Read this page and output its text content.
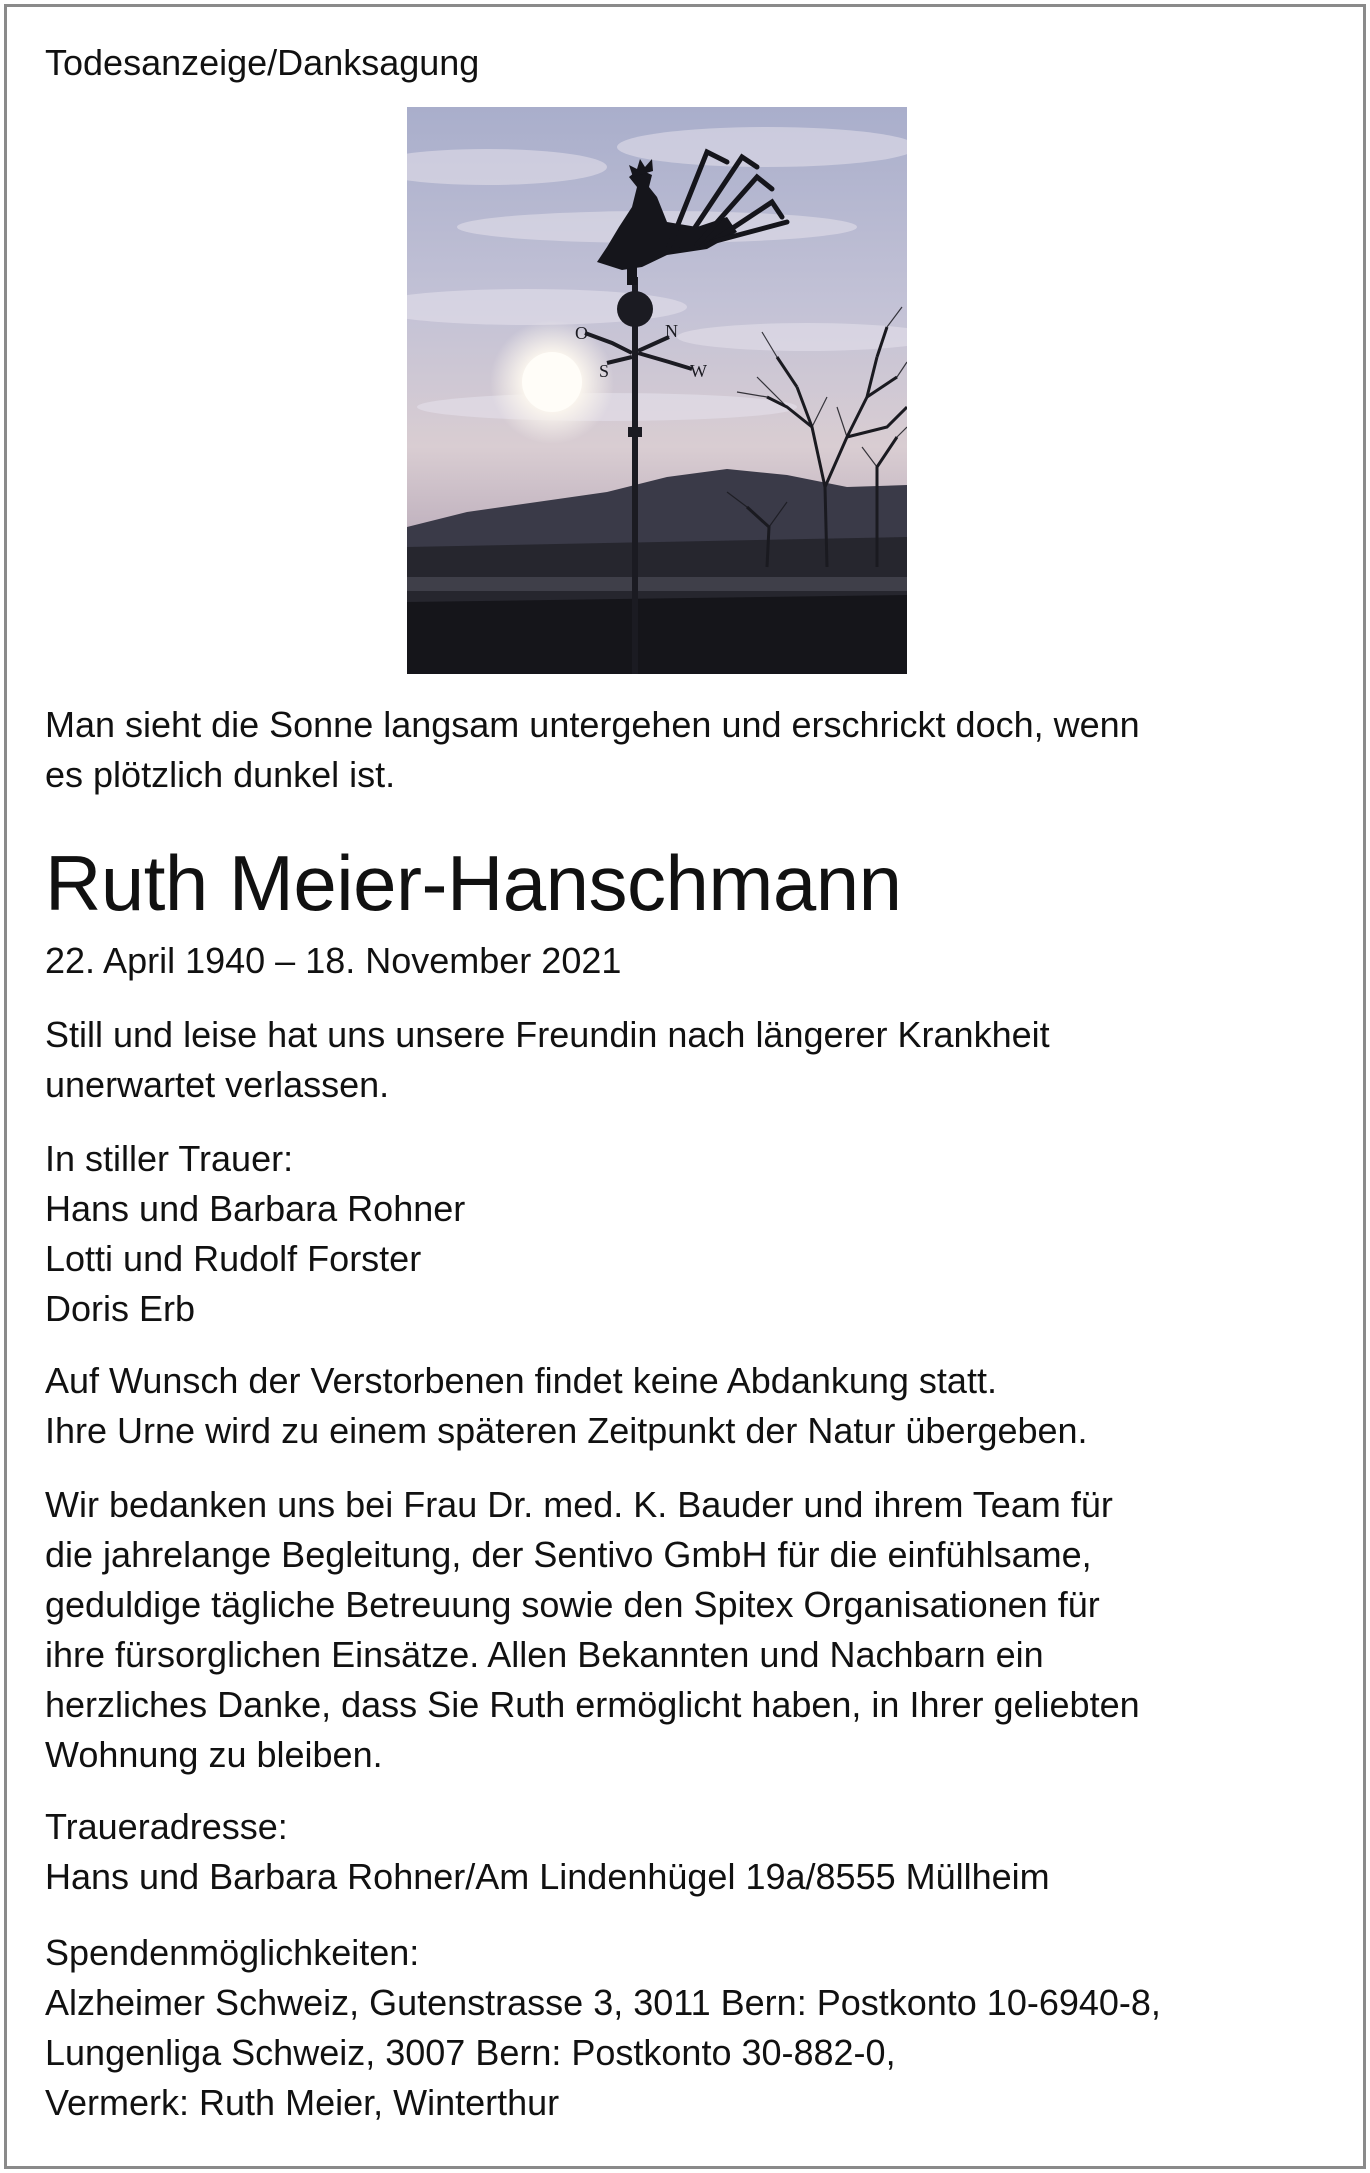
Todesanzeige/Danksagung

O	N
W
S

Man sieht die Sonne langsam untergehen und erschrickt doch, wenn

es plötzlich dunkel ist.

Ruth Meier-Hanschmann

22. April 1940 – 18. November 2021

Still und leise hat uns unsere Freundin nach längerer Krankheit

unerwartet verlassen.

In stiller Trauer:

Hans und Barbara Rohner

Lotti und Rudolf Forster

Doris Erb

Auf Wunsch der Verstorbenen findet keine Abdankung statt.

Ihre Urne wird zu einem späteren Zeitpunkt der Natur übergeben.

Wir bedanken uns bei Frau Dr. med. K. Bauder und ihrem Team für

die jahrelange Begleitung, der Sentivo GmbH für die einfühlsame,

geduldige tägliche Betreuung sowie den Spitex Organisationen für

ihre fürsorglichen Einsätze. Allen Bekannten und Nachbarn ein

herzliches Danke, dass Sie Ruth ermöglicht haben, in Ihrer geliebten

Wohnung zu bleiben.

Traueradresse:

Hans und Barbara Rohner/Am Lindenhügel 19a/8555 Müllheim

Spendenmöglichkeiten:

Alzheimer Schweiz, Gutenstrasse 3, 3011 Bern: Postkonto 10-6940-8,

Lungenliga Schweiz, 3007 Bern: Postkonto 30-882-0,

Vermerk: Ruth Meier, Winterthur
